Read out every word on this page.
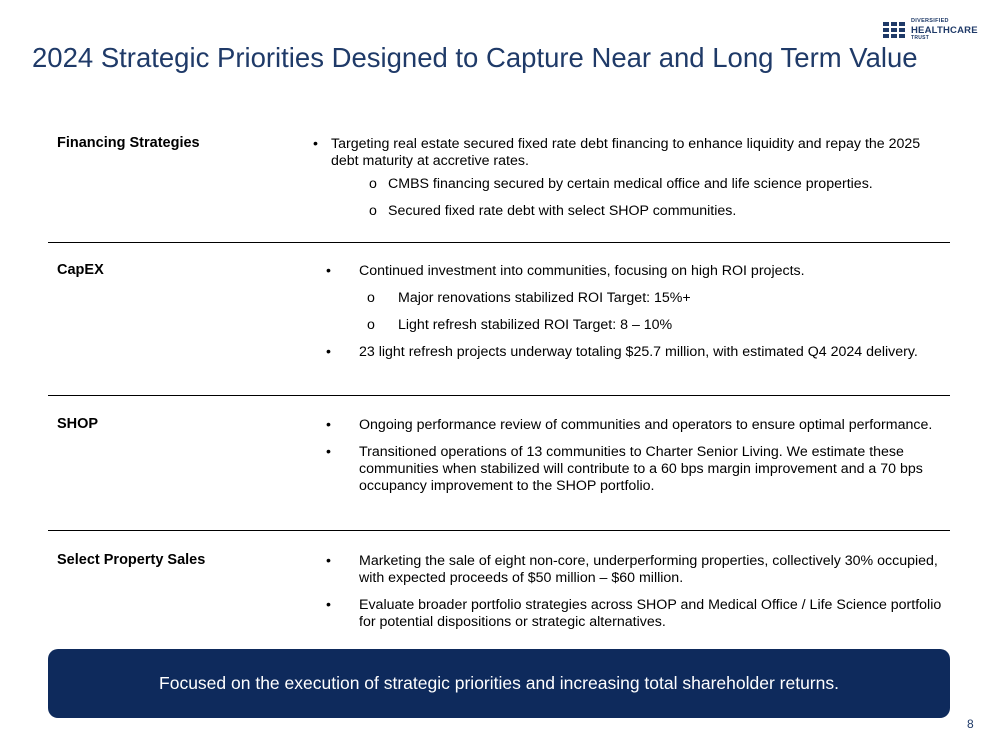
DIVERSIFIED
HEALTHCARE
TRUST
2024 Strategic Priorities Designed to Capture Near and Long Term Value
Financing Strategies	• Targeting real estate secured fixed rate debt financing to enhance liquidity and repay the 2025 debt maturity at accretive rates.
o CMBS financing secured by certain medical office and life science properties.
o Secured fixed rate debt with select SHOP communities.
CapEX	• Continued investment into communities, focusing on high ROI projects.
o Major renovations stabilized ROI Target: 15%+
o Light refresh stabilized ROI Target: 8 – 10%
• 23 light refresh projects underway totaling $25.7 million, with estimated Q4 2024 delivery.
SHOP	• Ongoing performance review of communities and operators to ensure optimal performance.
• Transitioned operations of 13 communities to Charter Senior Living. We estimate these communities when stabilized will contribute to a 60 bps margin improvement and a 70 bps occupancy improvement to the SHOP portfolio.
Select Property Sales	• Marketing the sale of eight non-core, underperforming properties, collectively 30% occupied, with expected proceeds of $50 million – $60 million.
• Evaluate broader portfolio strategies across SHOP and Medical Office / Life Science portfolio for potential dispositions or strategic alternatives.
Focused on the execution of strategic priorities and increasing total shareholder returns.
8
